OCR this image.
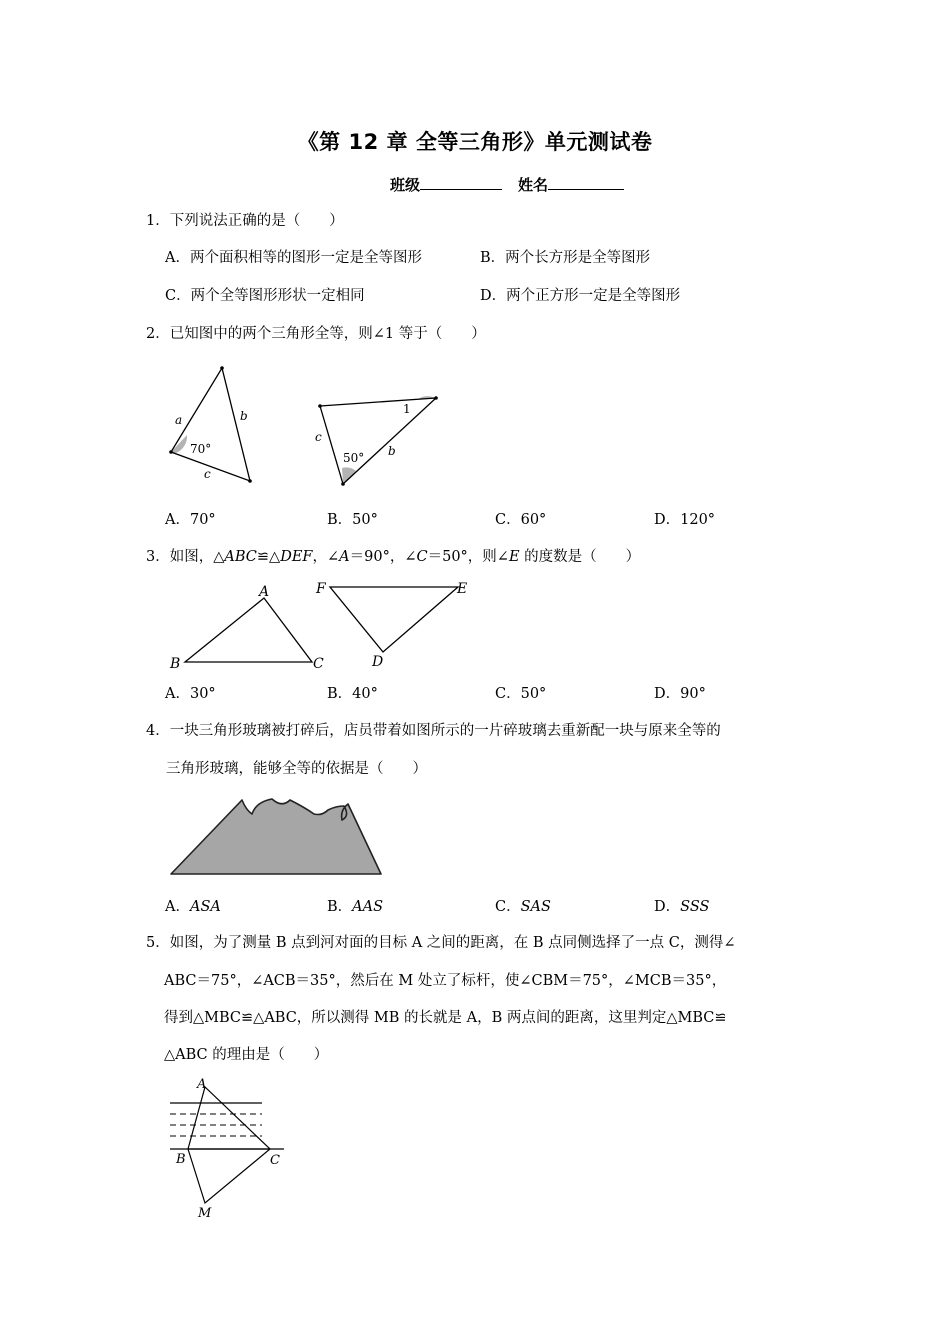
《第 12 章 全等三角形》单元测试卷
班级	姓名
1．下列说法正确的是（　　）
A．两个面积相等的图形一定是全等图形	B．两个长方形是全等图形
C．两个全等图形形状一定相同	D．两个正方形一定是全等图形
2．已知图中的两个三角形全等，则∠1 等于（　　）
a	b
c
70°
c
b
50°
1
A．70°	B．50°	C．60°	D．120°
3．如图，△ABC≌△DEF，∠A＝90°，∠C＝50°，则∠E 的度数是（　　）
A
B	C
F	E
D
A．30°	B．40°	C．50°	D．90°
4．一块三角形玻璃被打碎后，店员带着如图所示的一片碎玻璃去重新配一块与原来全等的
三角形玻璃，能够全等的依据是（　　）
A．ASA	B．AAS	C．SAS	D．SSS
5．如图，为了测量 B 点到河对面的目标 A 之间的距离，在 B 点同侧选择了一点 C，测得∠
ABC＝75°，∠ACB＝35°，然后在 M 处立了标杆，使∠CBM＝75°，∠MCB＝35°，
得到△MBC≌△ABC，所以测得 MB 的长就是 A，B 两点间的距离，这里判定△MBC≌
△ABC 的理由是（　　）
A
B	C
M
